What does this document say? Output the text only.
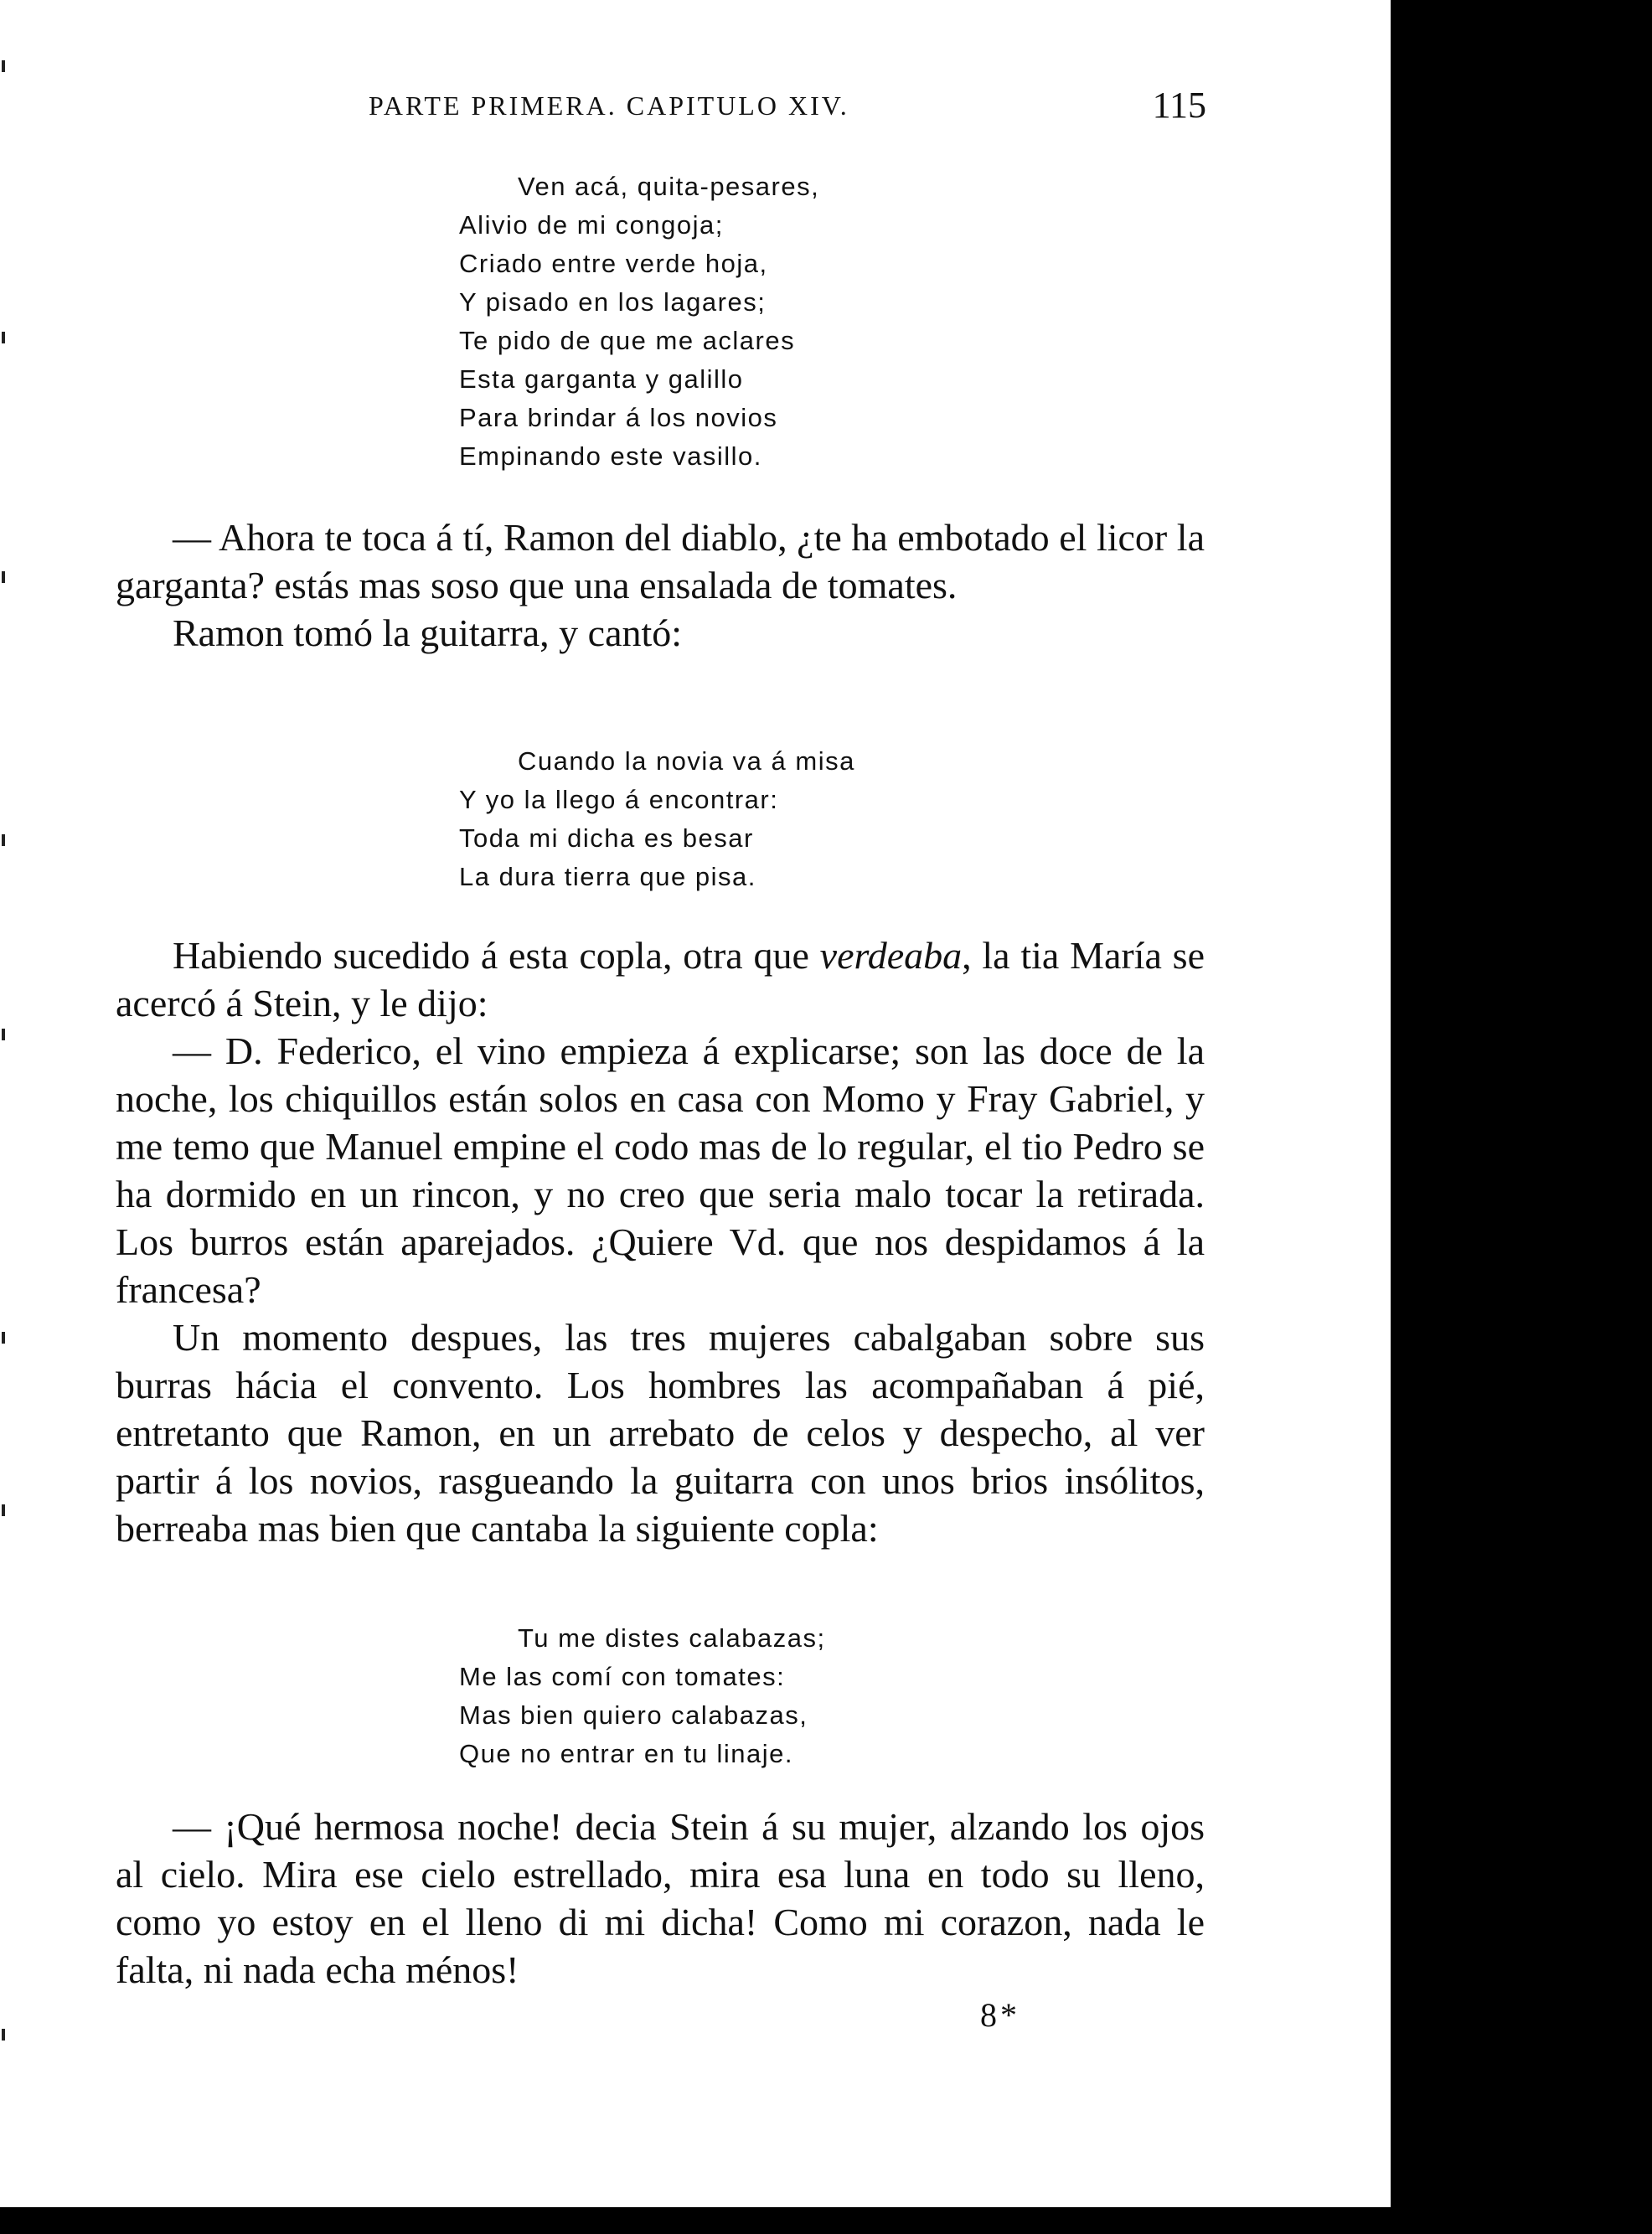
PARTE PRIMERA. CAPITULO XIV.	115
Ven acá, quita-pesares,
Alivio de mi congoja;
Criado entre verde hoja,
Y pisado en los lagares;
Te pido de que me aclares
Esta garganta y galillo
Para brindar á los novios
Empinando este vasillo.

— Ahora te toca á tí, Ramon del diablo, ¿te ha embotado el licor la garganta? estás mas soso que una ensalada de tomates.

Ramon tomó la guitarra, y cantó:

Cuando la novia va á misa
Y yo la llego á encontrar:
Toda mi dicha es besar
La dura tierra que pisa.

Habiendo sucedido á esta copla, otra que verdeaba, la tia María se acercó á Stein, y le dijo:

— D. Federico, el vino empieza á explicarse; son las doce de la noche, los chiquillos están solos en casa con Momo y Fray Gabriel, y me temo que Manuel empine el codo mas de lo regular, el tio Pedro se ha dormido en un rincon, y no creo que seria malo tocar la retirada. Los burros están aparejados. ¿Quiere Vd. que nos despidamos á la francesa?

Un momento despues, las tres mujeres cabalgaban sobre sus burras hácia el convento. Los hombres las acompañaban á pié, entretanto que Ramon, en un arrebato de celos y despecho, al ver partir á los novios, rasgueando la guitarra con unos brios insólitos, berreaba mas bien que cantaba la siguiente copla:

Tu me distes calabazas;
Me las comí con tomates:
Mas bien quiero calabazas,
Que no entrar en tu linaje.

— ¡Qué hermosa noche! decia Stein á su mujer, alzando los ojos al cielo. Mira ese cielo estrellado, mira esa luna en todo su lleno, como yo estoy en el lleno di mi dicha! Como mi corazon, nada le falta, ni nada echa ménos!

8*
